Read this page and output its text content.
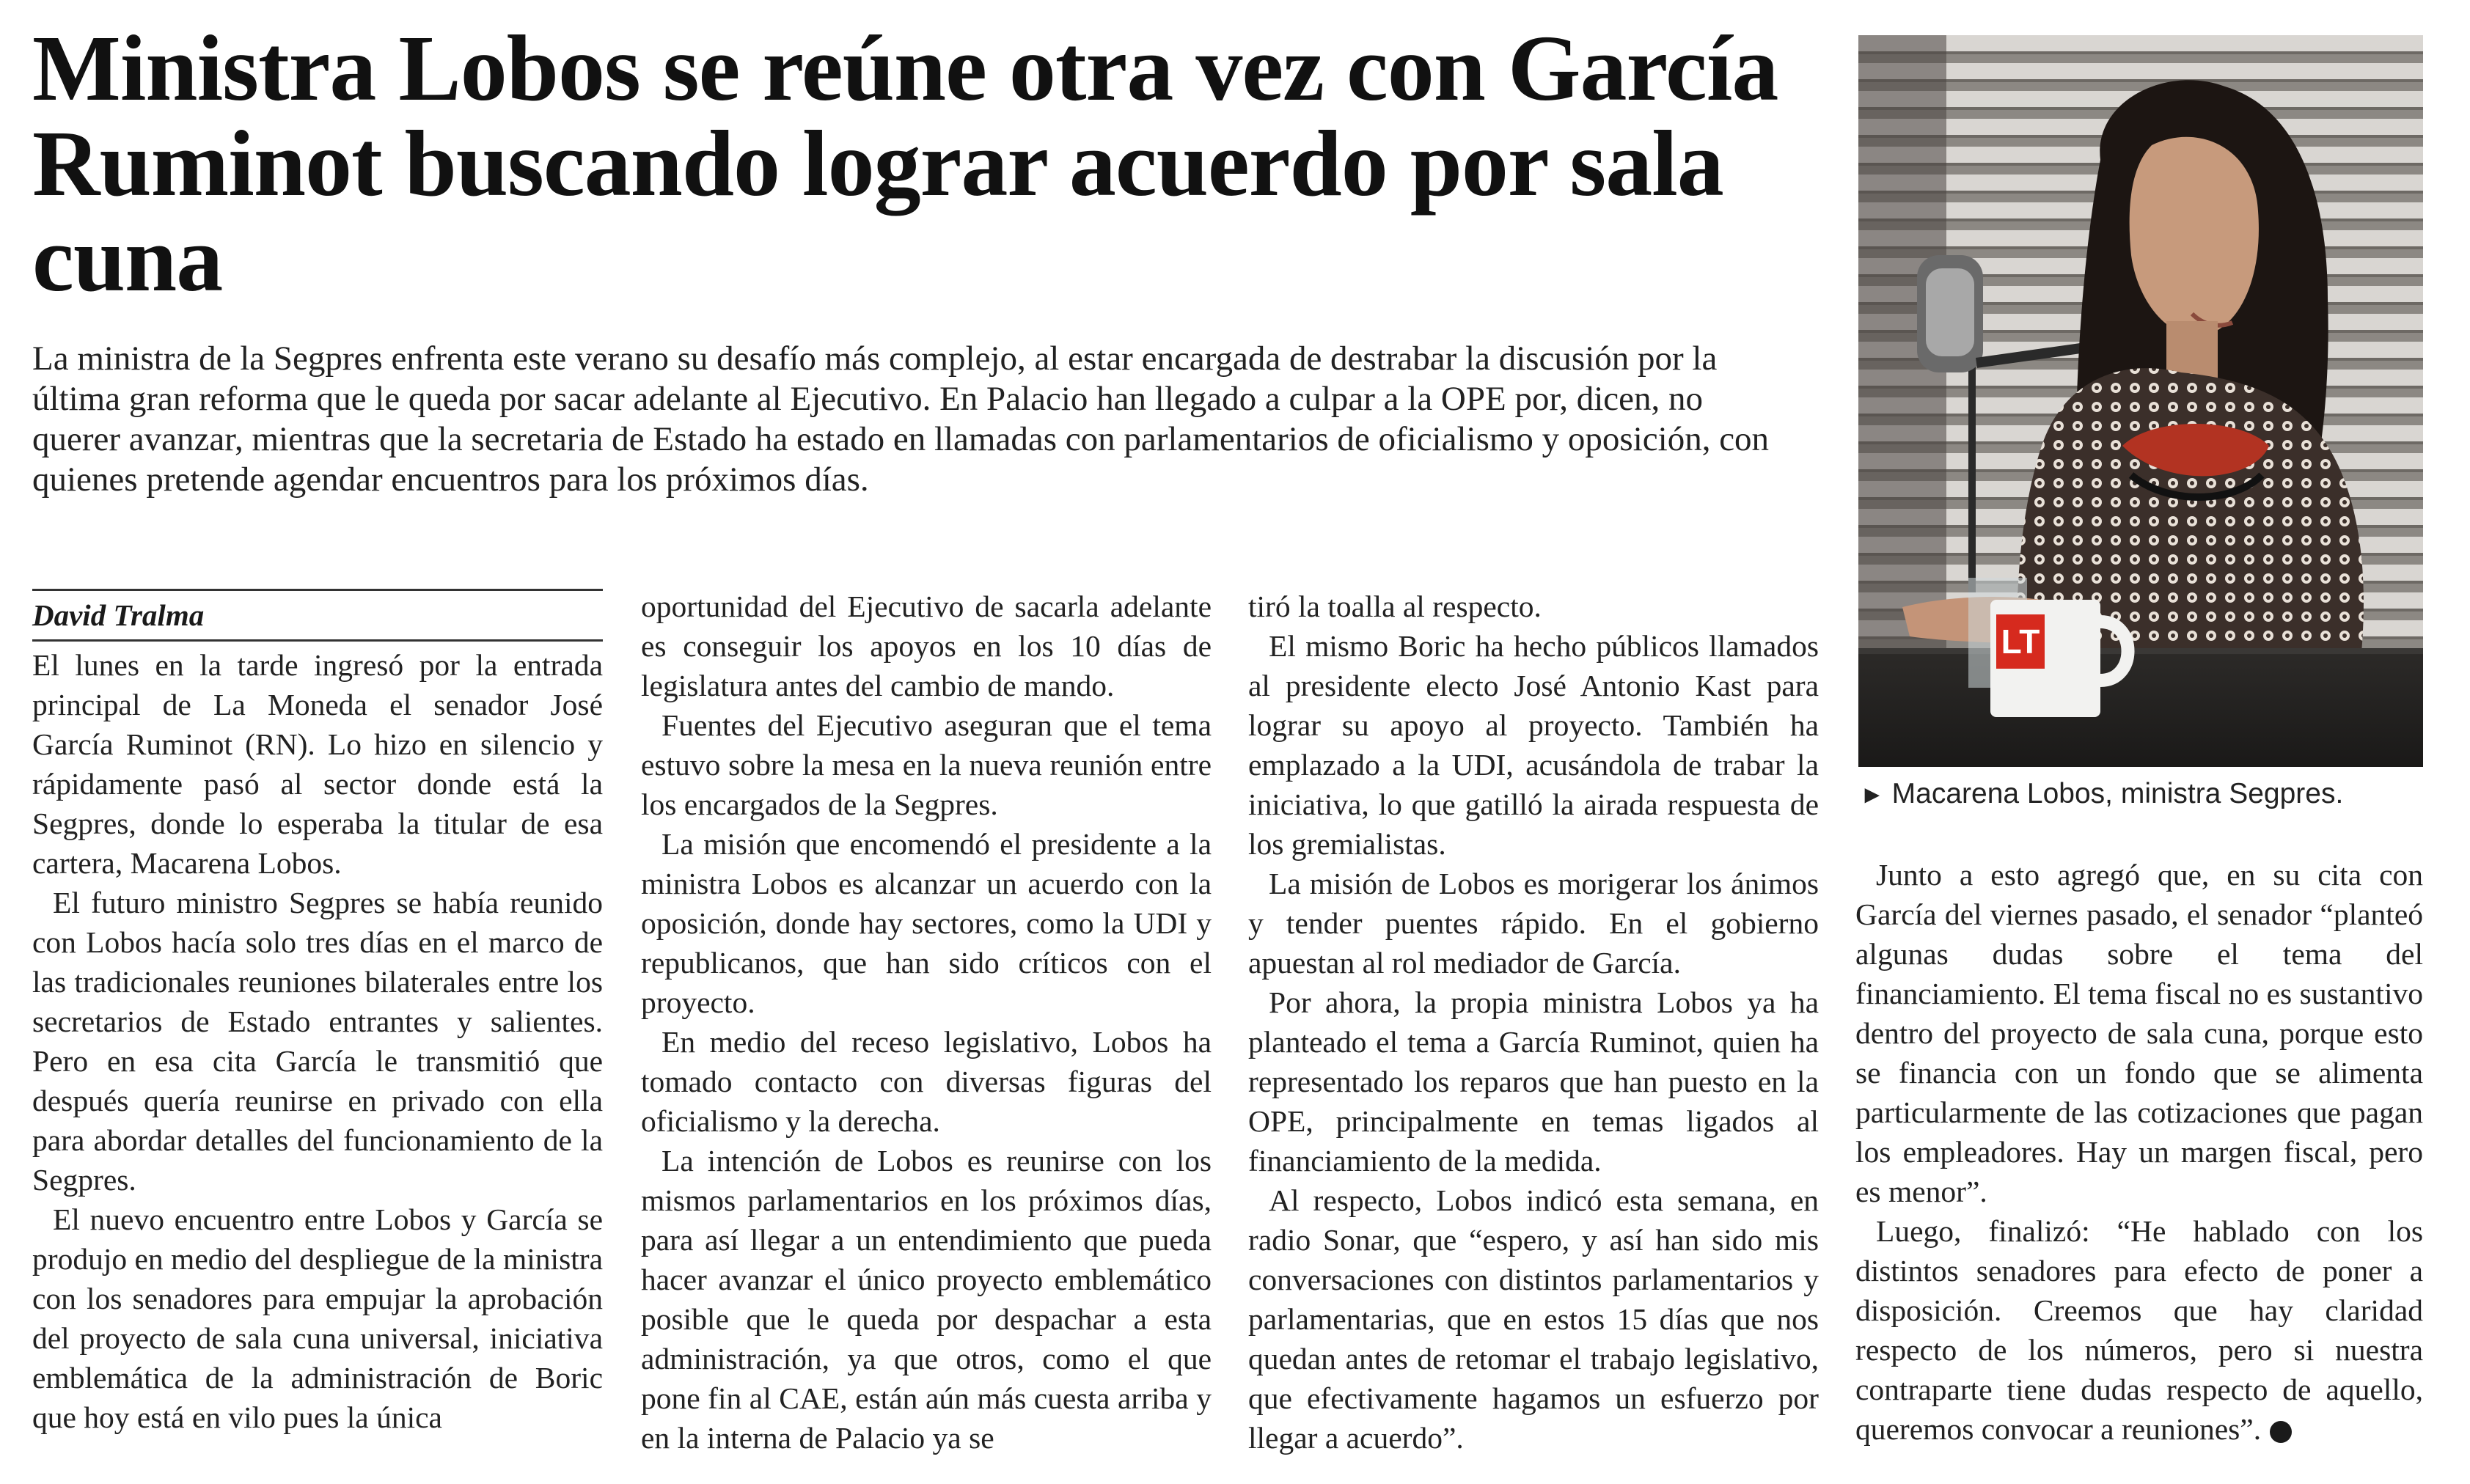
Ministra Lobos se reúne otra vez con García Ruminot buscando lograr acuerdo por sala cuna

La ministra de la Segpres enfrenta este verano su desafío más complejo, al estar encargada de destrabar la discusión por la última gran reforma que le queda por sacar adelante al Ejecutivo. En Palacio han llegado a culpar a la OPE por, dicen, no querer avanzar, mientras que la secretaria de Estado ha estado en llamadas con parlamentarios de oficialismo y oposición, con quienes pretende agendar encuentros para los próximos días.

David Tralma

El lunes en la tarde ingresó por la entrada principal de La Moneda el senador José García Ruminot (RN). Lo hizo en silencio y rápidamente pasó al sector donde está la Segpres, donde lo esperaba la titular de esa cartera, Macarena Lobos.

El futuro ministro Segpres se había reunido con Lobos hacía solo tres días en el marco de las tradicionales reuniones bilaterales entre los secretarios de Estado entrantes y salientes. Pero en esa cita García le transmitió que después quería reunirse en privado con ella para abordar detalles del funcionamiento de la Segpres.

El nuevo encuentro entre Lobos y García se produjo en medio del despliegue de la ministra con los senadores para empujar la aprobación del proyecto de sala cuna universal, iniciativa emblemática de la administración de Boric que hoy está en vilo pues la única

oportunidad del Ejecutivo de sacarla adelante es conseguir los apoyos en los 10 días de legislatura antes del cambio de mando.

Fuentes del Ejecutivo aseguran que el tema estuvo sobre la mesa en la nueva reunión entre los encargados de la Segpres.

La misión que encomendó el presidente a la ministra Lobos es alcanzar un acuerdo con la oposición, donde hay sectores, como la UDI y republicanos, que han sido críticos con el proyecto.

En medio del receso legislativo, Lobos ha tomado contacto con diversas figuras del oficialismo y la derecha.

La intención de Lobos es reunirse con los mismos parlamentarios en los próximos días, para así llegar a un entendimiento que pueda hacer avanzar el único proyecto emblemático posible que le queda por despachar a esta administración, ya que otros, como el que pone fin al CAE, están aún más cuesta arriba y en la interna de Palacio ya se

tiró la toalla al respecto.

El mismo Boric ha hecho públicos llamados al presidente electo José Antonio Kast para lograr su apoyo al proyecto. También ha emplazado a la UDI, acusándola de trabar la iniciativa, lo que gatilló la airada respuesta de los gremialistas.

La misión de Lobos es morigerar los ánimos y tender puentes rápido. En el gobierno apuestan al rol mediador de García.

Por ahora, la propia ministra Lobos ya ha planteado el tema a García Ruminot, quien ha representado los reparos que han puesto en la OPE, principalmente en temas ligados al financiamiento de la medida.

Al respecto, Lobos indicó esta semana, en radio Sonar, que “espero, y así han sido mis conversaciones con distintos parlamentarios y parlamentarias, que en estos 15 días que nos quedan antes de retomar el trabajo legislativo, que efectivamente hagamos un esfuerzo por llegar a acuerdo”.

LT

► Macarena Lobos, ministra Segpres.

Junto a esto agregó que, en su cita con García del viernes pasado, el senador “planteó algunas dudas sobre el tema del financiamiento. El tema fiscal no es sustantivo dentro del proyecto de sala cuna, porque esto se financia con un fondo que se alimenta particularmente de las cotizaciones que pagan los empleadores. Hay un margen fiscal, pero es menor”.

Luego, finalizó: “He hablado con los distintos senadores para efecto de poner a disposición. Creemos que hay claridad respecto de los números, pero si nuestra contraparte tiene dudas respecto de aquello, queremos convocar a reuniones”.
